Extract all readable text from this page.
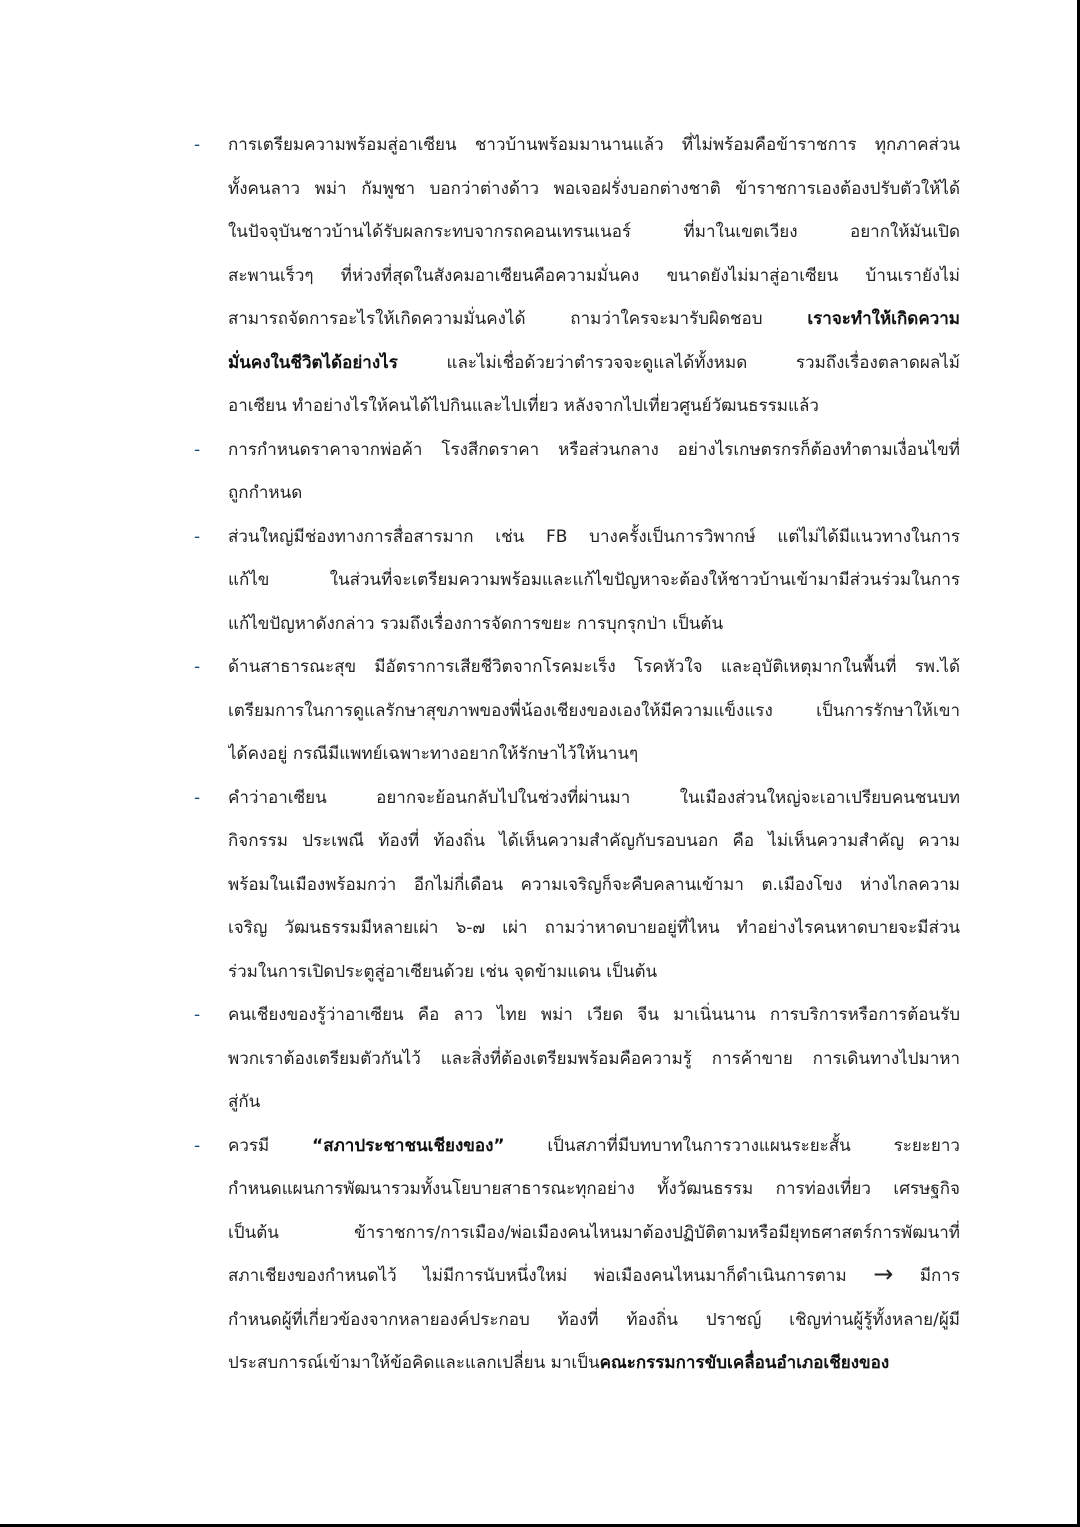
- การเตรียมความพร้อมสู่อาเซียน ชาวบ้านพร้อมมานานแล้ว ที่ไม่พร้อมคือข้าราชการ ทุกภาคส่วน
ทั้งคนลาว พม่า กัมพูชา บอกว่าต่างด้าว พอเจอฝรั่งบอกต่างชาติ ข้าราชการเองต้องปรับตัวให้ได้
ในปัจจุบันชาวบ้านได้รับผลกระทบจากรถคอนเทรนเนอร์ ที่มาในเขตเวียง อยากให้มันเปิด
สะพานเร็วๆ ที่ห่วงที่สุดในสังคมอาเซียนคือความมั่นคง ขนาดยังไม่มาสู่อาเซียน บ้านเรายังไม่
สามารถจัดการอะไรให้เกิดความมั่นคงได้ ถามว่าใครจะมารับผิดชอบ เราจะทำให้เกิดความ
มั่นคงในชีวิตได้อย่างไร และไม่เชื่อด้วยว่าตำรวจจะดูแลได้ทั้งหมด รวมถึงเรื่องตลาดผลไม้
อาเซียน ทำอย่างไรให้คนได้ไปกินและไปเที่ยว หลังจากไปเที่ยวศูนย์วัฒนธรรมแล้ว
- การกำหนดราคาจากพ่อค้า โรงสีกดราคา หรือส่วนกลาง อย่างไรเกษตรกรก็ต้องทำตามเงื่อนไขที่
ถูกกำหนด
- ส่วนใหญ่มีช่องทางการสื่อสารมาก เช่น FB บางครั้งเป็นการวิพากษ์ แต่ไม่ได้มีแนวทางในการ
แก้ไข ในส่วนที่จะเตรียมความพร้อมและแก้ไขปัญหาจะต้องให้ชาวบ้านเข้ามามีส่วนร่วมในการ
แก้ไขปัญหาดังกล่าว รวมถึงเรื่องการจัดการขยะ การบุกรุกป่า เป็นต้น
- ด้านสาธารณะสุข มีอัตราการเสียชีวิตจากโรคมะเร็ง โรคหัวใจ และอุบัติเหตุมากในพื้นที่ รพ.ได้
เตรียมการในการดูแลรักษาสุขภาพของพี่น้องเชียงของเองให้มีความแข็งแรง เป็นการรักษาให้เขา
ได้คงอยู่ กรณีมีแพทย์เฉพาะทางอยากให้รักษาไว้ให้นานๆ
- คำว่าอาเซียน อยากจะย้อนกลับไปในช่วงที่ผ่านมา ในเมืองส่วนใหญ่จะเอาเปรียบคนชนบท
กิจกรรม ประเพณี ท้องที่ ท้องถิ่น ได้เห็นความสำคัญกับรอบนอก คือ ไม่เห็นความสำคัญ ความ
พร้อมในเมืองพร้อมกว่า อีกไม่กี่เดือน ความเจริญก็จะคืบคลานเข้ามา ต.เมืองโขง ห่างไกลความ
เจริญ วัฒนธรรมมีหลายเผ่า ๖-๗ เผ่า ถามว่าหาดบายอยู่ที่ไหน ทำอย่างไรคนหาดบายจะมีส่วน
ร่วมในการเปิดประตูสู่อาเซียนด้วย เช่น จุดข้ามแดน เป็นต้น
- คนเชียงของรู้ว่าอาเซียน คือ ลาว ไทย พม่า เวียด จีน มาเนิ่นนาน การบริการหรือการต้อนรับ
พวกเราต้องเตรียมตัวกันไว้ และสิ่งที่ต้องเตรียมพร้อมคือความรู้ การค้าขาย การเดินทางไปมาหา
สู่กัน
- ควรมี “สภาประชาชนเชียงของ” เป็นสภาที่มีบทบาทในการวางแผนระยะสั้น ระยะยาว
กำหนดแผนการพัฒนารวมทั้งนโยบายสาธารณะทุกอย่าง ทั้งวัฒนธรรม การท่องเที่ยว เศรษฐกิจ
เป็นต้น ข้าราชการ/การเมือง/พ่อเมืองคนไหนมาต้องปฏิบัติตามหรือมียุทธศาสตร์การพัฒนาที่
สภาเชียงของกำหนดไว้ ไม่มีการนับหนึ่งใหม่ พ่อเมืองคนไหนมาก็ดำเนินการตาม → มีการ
กำหนดผู้ที่เกี่ยวข้องจากหลายองค์ประกอบ ท้องที่ ท้องถิ่น ปราชญ์ เชิญท่านผู้รู้ทั้งหลาย/ผู้มี
ประสบการณ์เข้ามาให้ข้อคิดและแลกเปลี่ยน มาเป็นคณะกรรมการขับเคลื่อนอำเภอเชียงของ
